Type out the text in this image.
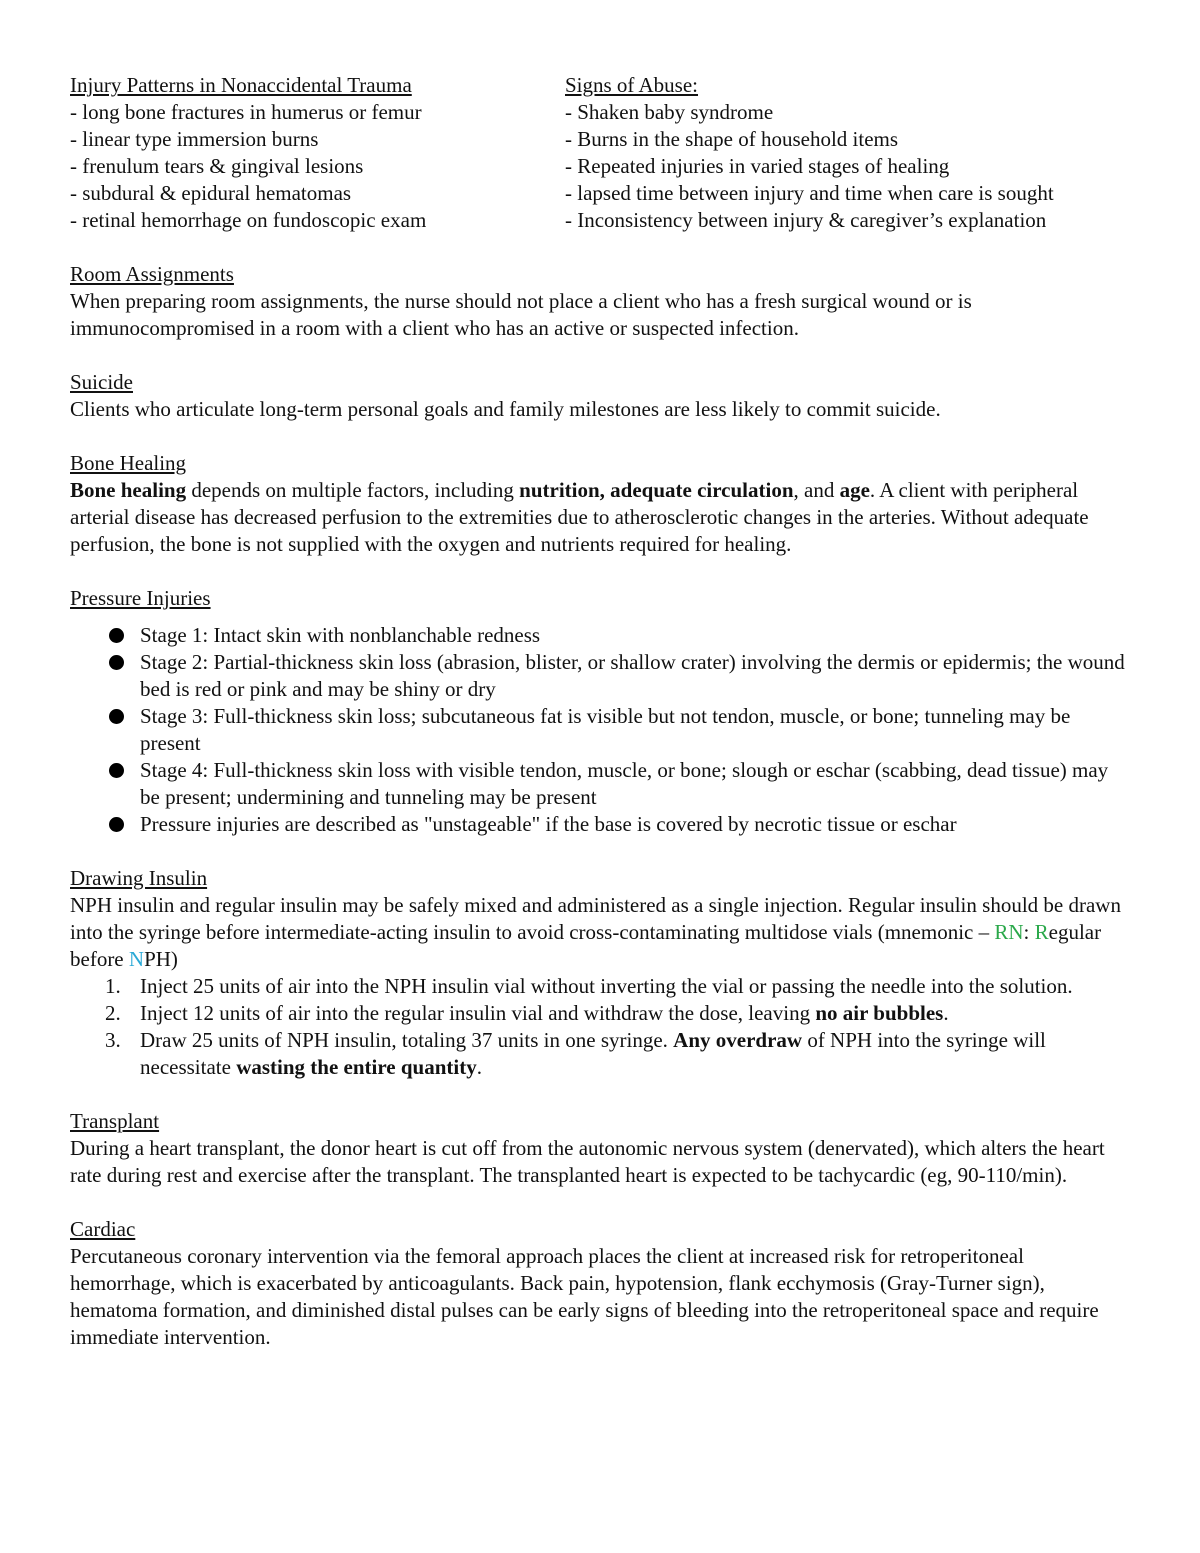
Injury Patterns in Nonaccidental Trauma
- long bone fractures in humerus or femur
- linear type immersion burns
- frenulum tears & gingival lesions
- subdural & epidural hematomas
- retinal hemorrhage on fundoscopic exam
Signs of Abuse:
- Shaken baby syndrome
- Burns in the shape of household items
- Repeated injuries in varied stages of healing
- lapsed time between injury and time when care is sought
- Inconsistency between injury & caregiver’s explanation
Room Assignments

When preparing room assignments, the nurse should not place a client who has a fresh surgical wound or is immunocompromised in a room with a client who has an active or suspected infection.

Suicide

Clients who articulate long-term personal goals and family milestones are less likely to commit suicide.

Bone Healing

Bone healing depends on multiple factors, including nutrition, adequate circulation, and age. A client with peripheral arterial disease has decreased perfusion to the extremities due to atherosclerotic changes in the arteries. Without adequate perfusion, the bone is not supplied with the oxygen and nutrients required for healing.

Pressure Injuries
Stage 1: Intact skin with nonblanchable redness
Stage 2: Partial-thickness skin loss (abrasion, blister, or shallow crater) involving the dermis or epidermis; the wound bed is red or pink and may be shiny or dry
Stage 3: Full-thickness skin loss; subcutaneous fat is visible but not tendon, muscle, or bone; tunneling may be present
Stage 4: Full-thickness skin loss with visible tendon, muscle, or bone; slough or eschar (scabbing, dead tissue) may be present; undermining and tunneling may be present
Pressure injuries are described as "unstageable" if the base is covered by necrotic tissue or eschar
Drawing Insulin

NPH insulin and regular insulin may be safely mixed and administered as a single injection. Regular insulin should be drawn into the syringe before intermediate-acting insulin to avoid cross-contaminating multidose vials (mnemonic – RN: Regular before NPH)

1. Inject 25 units of air into the NPH insulin vial without inverting the vial or passing the needle into the solution.
2. Inject 12 units of air into the regular insulin vial and withdraw the dose, leaving no air bubbles.
3. Draw 25 units of NPH insulin, totaling 37 units in one syringe. Any overdraw of NPH into the syringe will necessitate wasting the entire quantity.
Transplant

During a heart transplant, the donor heart is cut off from the autonomic nervous system (denervated), which alters the heart rate during rest and exercise after the transplant. The transplanted heart is expected to be tachycardic (eg, 90-110/min).

Cardiac

Percutaneous coronary intervention via the femoral approach places the client at increased risk for retroperitoneal hemorrhage, which is exacerbated by anticoagulants. Back pain, hypotension, flank ecchymosis (Gray-Turner sign), hematoma formation, and diminished distal pulses can be early signs of bleeding into the retroperitoneal space and require immediate intervention.
